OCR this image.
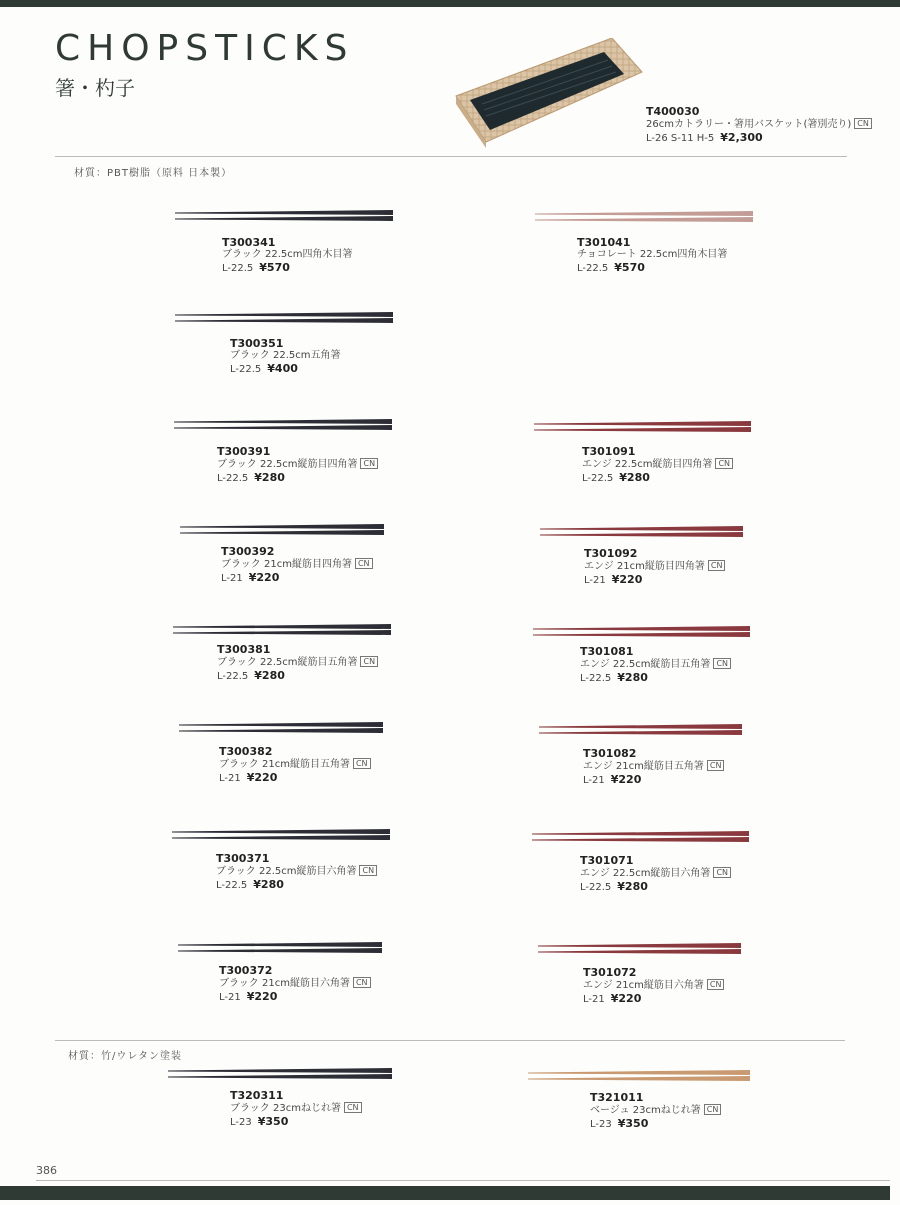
CHOPSTICKS
箸・杓子
T400030
26cmカトラリー・箸用バスケット(箸別売り) CN
L-26 S-11 H-5 ¥2,300
材質：PBT樹脂（原料 日本製）
材質：竹/ウレタン塗装
T300341
ブラック 22.5cm四角木目箸
L-22.5 ¥570
T301041
チョコレート 22.5cm四角木目箸
L-22.5 ¥570
T300351
ブラック 22.5cm五角箸
L-22.5 ¥400
T300391
ブラック 22.5cm縦筋目四角箸 CN
L-22.5 ¥280
T301091
エンジ 22.5cm縦筋目四角箸 CN
L-22.5 ¥280
T300392
ブラック 21cm縦筋目四角箸 CN
L-21 ¥220
T301092
エンジ 21cm縦筋目四角箸 CN
L-21 ¥220
T300381
ブラック 22.5cm縦筋目五角箸 CN
L-22.5 ¥280
T301081
エンジ 22.5cm縦筋目五角箸 CN
L-22.5 ¥280
T300382
ブラック 21cm縦筋目五角箸 CN
L-21 ¥220
T301082
エンジ 21cm縦筋目五角箸 CN
L-21 ¥220
T300371
ブラック 22.5cm縦筋目六角箸 CN
L-22.5 ¥280
T301071
エンジ 22.5cm縦筋目六角箸 CN
L-22.5 ¥280
T300372
ブラック 21cm縦筋目六角箸 CN
L-21 ¥220
T301072
エンジ 21cm縦筋目六角箸 CN
L-21 ¥220
T320311
ブラック 23cmねじれ箸 CN
L-23 ¥350
T321011
ベージュ 23cmねじれ箸 CN
L-23 ¥350
386
